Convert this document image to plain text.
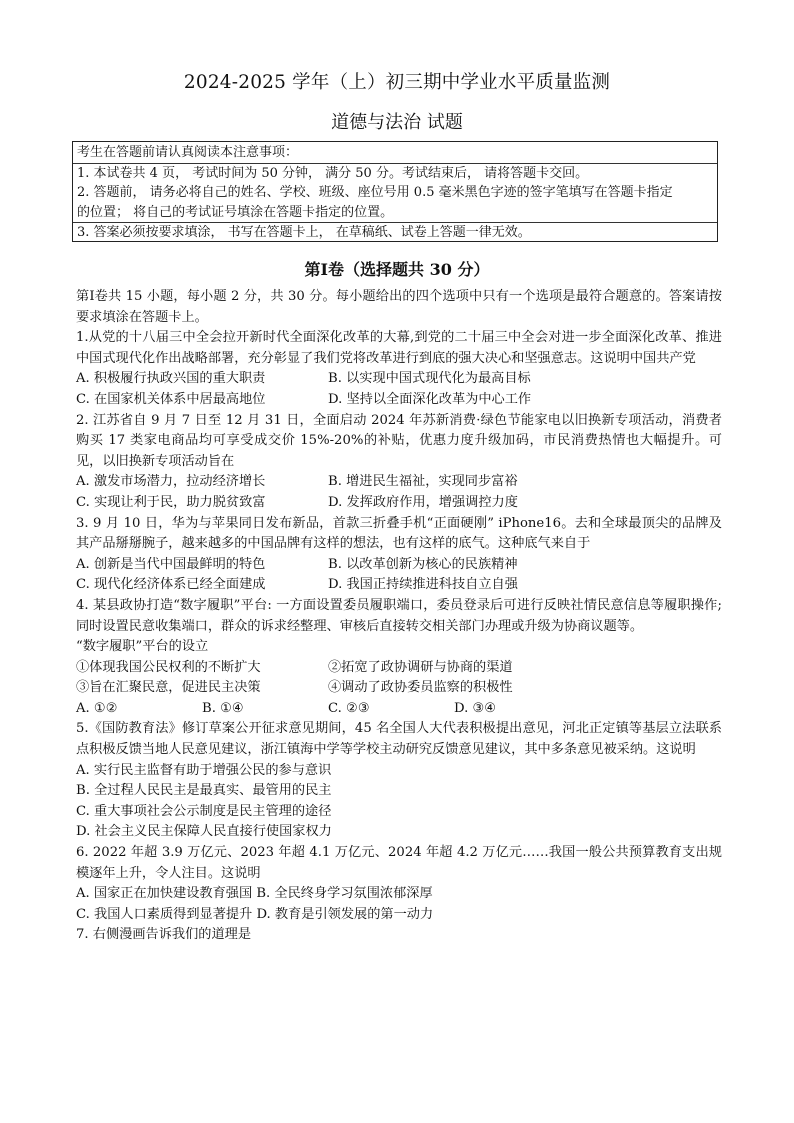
2024-2025 学年（上）初三期中学业水平质量监测
道德与法治 试题
考生在答题前请认真阅读本注意事项：
1. 本试卷共 4 页， 考试时间为 50 分钟， 满分 50 分。考试结束后， 请将答题卡交回。
2. 答题前， 请务必将自己的姓名、学校、班级、座位号用 0.5 毫米黑色字迹的签字笔填写在答题卡指定
的位置； 将自己的考试证号填涂在答题卡指定的位置。
3. 答案必须按要求填涂， 书写在答题卡上， 在草稿纸、试卷上答题一律无效。
第Ⅰ卷（选择题共 30 分）

第Ⅰ卷共 15 小题，每小题 2 分，共 30 分。每小题给出的四个选项中只有一个选项是最符合题意的。答案请按要求填涂在答题卡上。

1.从党的十八届三中全会拉开新时代全面深化改革的大幕,到党的二十届三中全会对进一步全面深化改革、推进中国式现代化作出战略部署，充分彰显了我们党将改革进行到底的强大决心和坚强意志。这说明中国共产党

A. 积极履行执政兴国的重大职责	B. 以实现中国式现代化为最高目标
C. 在国家机关体系中居最高地位	D. 坚持以全面深化改革为中心工作

2. 江苏省自 9 月 7 日至 12 月 31 日，全面启动 2024 年苏新消费·绿色节能家电以旧换新专项活动，消费者购买 17 类家电商品均可享受成交价 15%-20%的补贴，优惠力度升级加码，市民消费热情也大幅提升。可见，以旧换新专项活动旨在

A. 激发市场潜力，拉动经济增长	B. 增进民生福祉，实现同步富裕
C. 实现让利于民，助力脱贫致富	D. 发挥政府作用，增强调控力度

3. 9 月 10 日，华为与苹果同日发布新品，首款三折叠手机“正面硬刚” iPhone16。去和全球最顶尖的品牌及其产品掰掰腕子，越来越多的中国品牌有这样的想法，也有这样的底气。这种底气来自于

A. 创新是当代中国最鲜明的特色	B. 以改革创新为核心的民族精神
C. 现代化经济体系已经全面建成	D. 我国正持续推进科技自立自强

4. 某县政协打造“数字履职”平台: 一方面设置委员履职端口，委员登录后可进行反映社情民意信息等履职操作; 同时设置民意收集端口，群众的诉求经整理、审核后直接转交相关部门办理或升级为协商议题等。

“数字履职”平台的设立

①体现我国公民权利的不断扩大	②拓宽了政协调研与协商的渠道
③旨在汇聚民意，促进民主决策	④调动了政协委员监察的积极性
A. ①②	B. ①④	C. ②③	D. ③④

5.《国防教育法》修订草案公开征求意见期间，45 名全国人大代表积极提出意见，河北正定镇等基层立法联系点积极反馈当地人民意见建议，浙江镇海中学等学校主动研究反馈意见建议，其中多条意见被采纳。这说明

A. 实行民主监督有助于增强公民的参与意识
B. 全过程人民民主是最真实、最管用的民主
C. 重大事项社会公示制度是民主管理的途径
D. 社会主义民主保障人民直接行使国家权力

6. 2022 年超 3.9 万亿元、2023 年超 4.1 万亿元、2024 年超 4.2 万亿元……我国一般公共预算教育支出规模逐年上升，令人注目。这说明

A. 国家正在加快建设教育强国 B. 全民终身学习氛围浓郁深厚
C. 我国人口素质得到显著提升 D. 教育是引领发展的第一动力

7. 右侧漫画告诉我们的道理是
